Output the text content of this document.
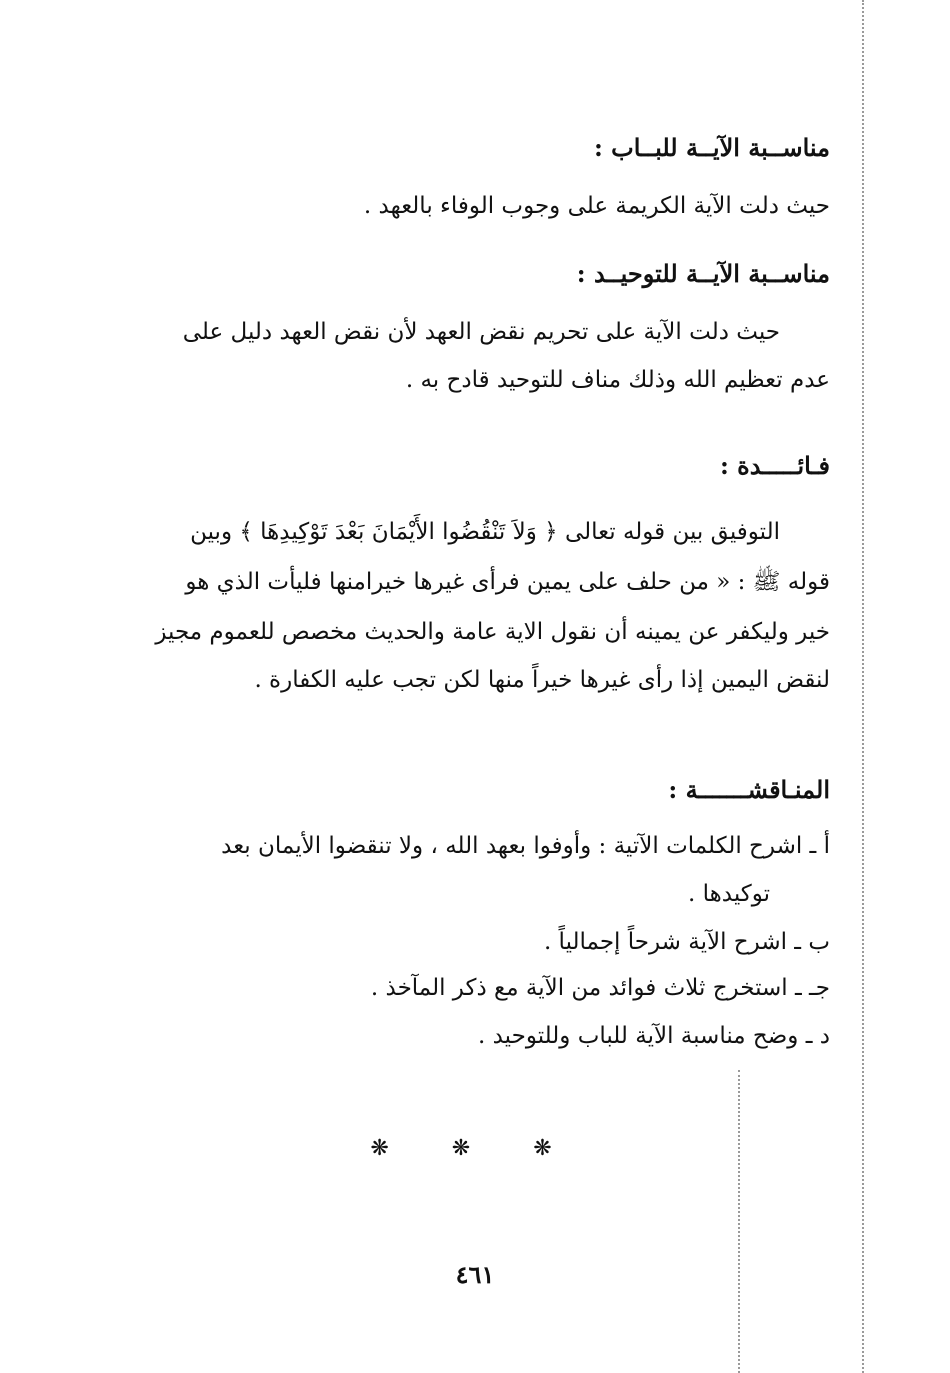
مناســبة الآيــة للبــاب :
حيث دلت الآية الكريمة على وجوب الوفاء بالعهد .
مناســبة الآيــة للتوحيــد :
حيث دلت الآية على تحريم نقض العهد لأن نقض العهد دليل على
عدم تعظيم الله وذلك مناف للتوحيد قادح به .
فـائـــــدة :
التوفيق بين قوله تعالى ﴿ وَلاَ تَنْقُضُوا الأَيْمَانَ بَعْدَ تَوْكِيدِهَا ﴾ وبين
قوله ﷺ : « من حلف على يمين فرأى غيرها خيرامنها فليأت الذي هو
خير وليكفر عن يمينه أن نقول الاية عامة والحديث مخصص للعموم مجيز
لنقض اليمين إذا رأى غيرها خيراً منها لكن تجب عليه الكفارة .
المنـاقشـــــــة :
أ ـ اشرح الكلمات الآتية : وأوفوا بعهد الله ، ولا تنقضوا الأيمان بعد
توكيدها .
ب ـ اشرح الآية شرحاً إجمالياً .
جـ ـ استخرج ثلاث فوائد من الآية مع ذكر المآخذ .
د ـ وضح مناسبة الآية للباب وللتوحيد .
❋ ❋ ❋
٤٦١
